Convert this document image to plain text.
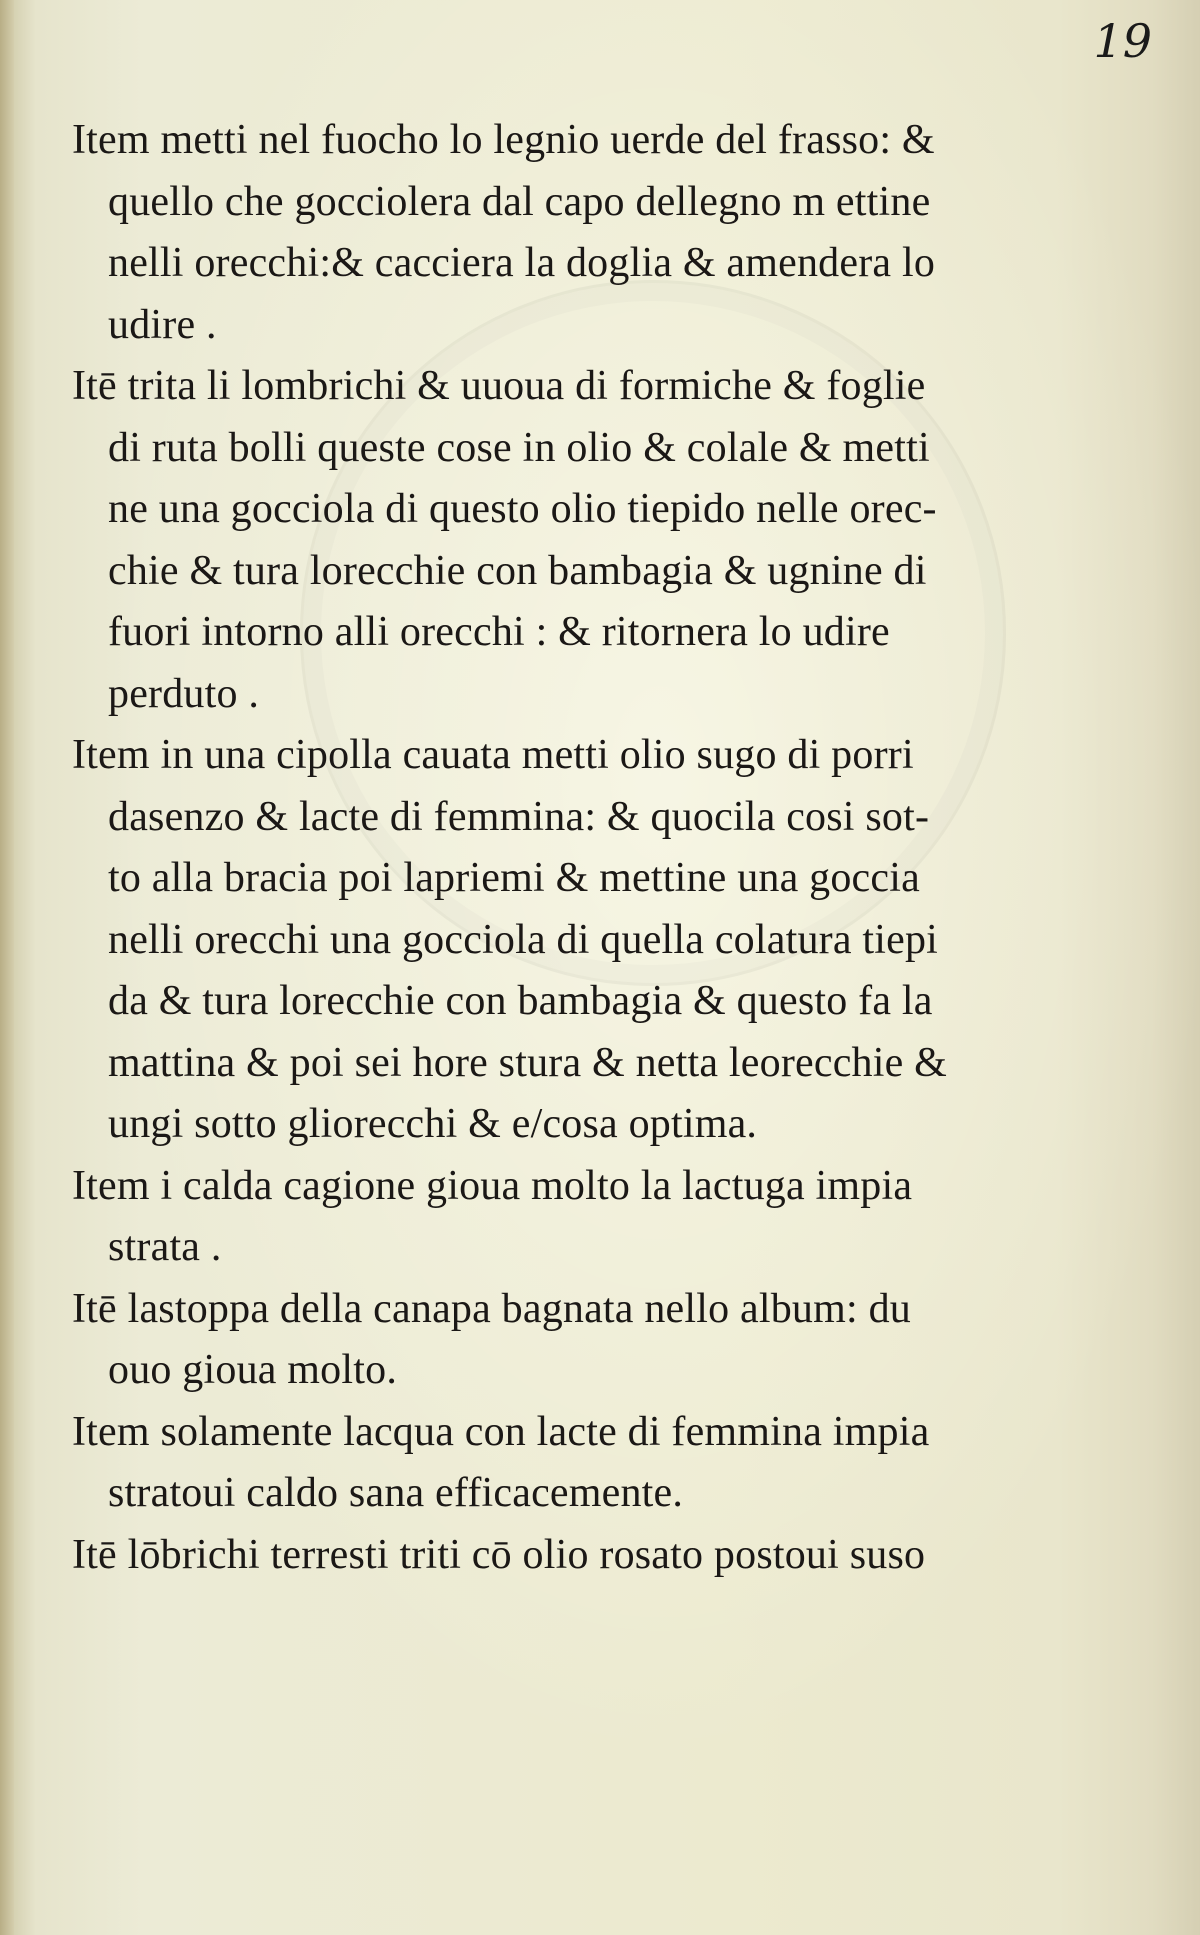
19
Item metti nel fuocho lo legnio uerde del frasso: &
quello che gocciolera dal capo dellegno m ettine
nelli orecchi:& cacciera la doglia & amendera lo
udire .
Itē trita li lombrichi & uuoua di formiche & foglie
di ruta bolli queste cose in olio & colale & metti
ne una gocciola di questo olio tiepido nelle orec-
chie & tura lorecchie con bambagia & ugnine di
fuori intorno alli orecchi : & ritornera lo udire
perduto .
Item in una cipolla cauata metti olio sugo di porri
dasenzo & lacte di femmina: & quocila cosi sot-
to alla bracia poi lapriemi & mettine una goccia
nelli orecchi una gocciola di quella colatura tiepi
da & tura lorecchie con bambagia & questo fa la
mattina & poi sei hore stura & netta leorecchie &
ungi sotto gliorecchi & e/cosa optima.
Item i calda cagione gioua molto la lactuga impia
strata .
Itē lastoppa della canapa bagnata nello album: du
ouo gioua molto.
Item solamente lacqua con lacte di femmina impia
stratoui caldo sana efficacemente.
Itē lōbrichi terresti triti cō olio rosato postoui suso
